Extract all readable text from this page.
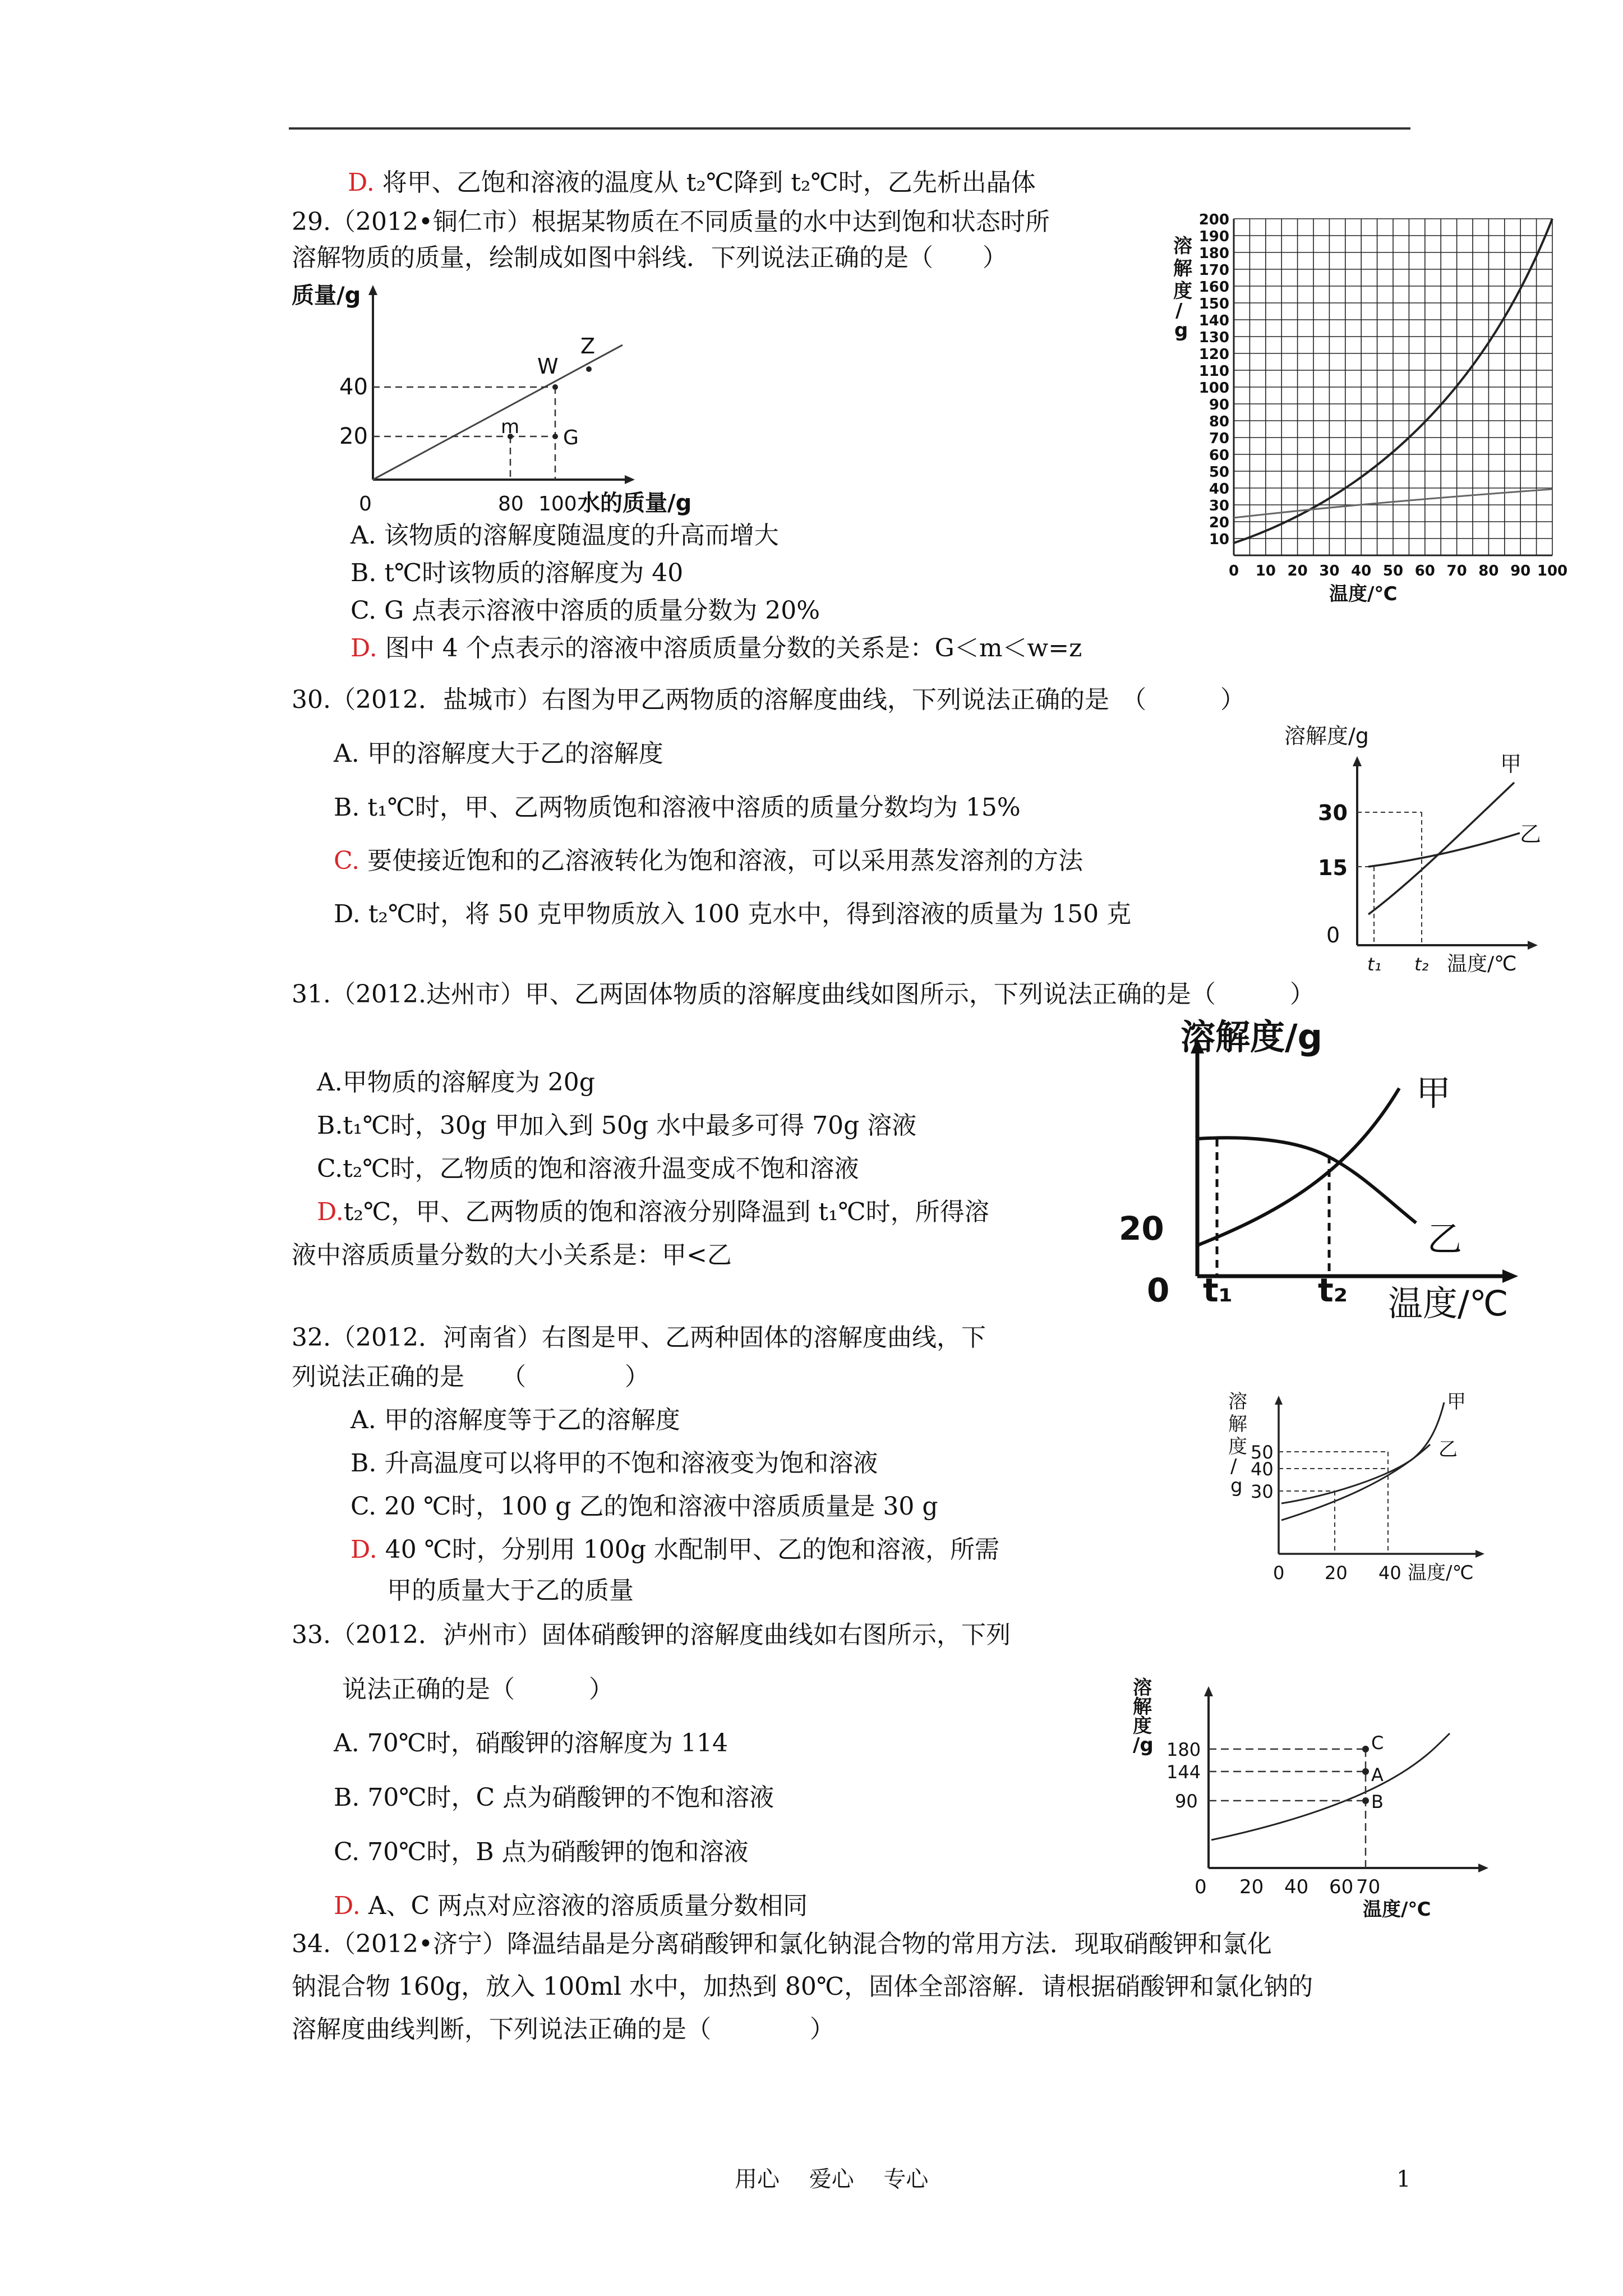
D. 将甲、乙饱和溶液的温度从 t₂℃降到 t₂℃时，乙先析出晶体
29.（2012•铜仁市）根据某物质在不同质量的水中达到饱和状态时所
溶解物质的质量，绘制成如图中斜线．下列说法正确的是（　　）
质量/g
40
20
0	80 100 水的质量/g
W
Z
m G
A. 该物质的溶解度随温度的升高而增大
B. t℃时该物质的溶解度为 40
C. G 点表示溶液中溶质的质量分数为 20%
D. 图中 4 个点表示的溶液中溶质质量分数的关系是：G＜m＜w=z
200
190
180
170
160
150
140
130
120
110
100
90
80
70
60
50
40
30
20
10
0 10 20 30 40 50 60 70 80 90 100
溶
解
度
/
g
温度/℃
30.（2012．盐城市）右图为甲乙两物质的溶解度曲线，下列说法正确的是　（　　　）
A. 甲的溶解度大于乙的溶解度
B. t₁℃时，甲、乙两物质饱和溶液中溶质的质量分数均为 15%
C. 要使接近饱和的乙溶液转化为饱和溶液，可以采用蒸发溶剂的方法
D. t₂℃时，将 50 克甲物质放入 100 克水中，得到溶液的质量为 150 克
溶解度/g
30
15
0
t₁ t₂ 温度/℃
甲
乙
31.（2012.达州市）甲、乙两固体物质的溶解度曲线如图所示，下列说法正确的是（　　　）
A.甲物质的溶解度为 20g
B.t₁℃时，30g 甲加入到 50g 水中最多可得 70g 溶液
C.t₂℃时，乙物质的饱和溶液升温变成不饱和溶液
D.t₂℃，甲、乙两物质的饱和溶液分别降温到 t₁℃时，所得溶
液中溶质质量分数的大小关系是：甲<乙
溶解度/g
20
0 t₁	t₂ 温度/℃
甲
乙
32.（2012．河南省）右图是甲、乙两种固体的溶解度曲线，下
列说法正确的是　　（　　　　）
A. 甲的溶解度等于乙的溶解度
B. 升高温度可以将甲的不饱和溶液变为饱和溶液
C. 20 ℃时，100 g 乙的饱和溶液中溶质质量是 30 g
D. 40 ℃时，分别用 100g 水配制甲、乙的饱和溶液，所需
甲的质量大于乙的质量
溶
解
度
/
g
50
40
30
0 20 40 温度/℃
甲
乙
33.（2012．泸州市）固体硝酸钾的溶解度曲线如右图所示，下列
说法正确的是（　　　）
A. 70℃时，硝酸钾的溶解度为 114
B. 70℃时，C 点为硝酸钾的不饱和溶液
C. 70℃时，B 点为硝酸钾的饱和溶液
D. A、C 两点对应溶液的溶质质量分数相同
溶
解
度
/g 180
144
90
0 20 40 60 70
温度/℃
C
A
B
34.（2012•济宁）降温结晶是分离硝酸钾和氯化钠混合物的常用方法．现取硝酸钾和氯化
钠混合物 160g，放入 100ml 水中，加热到 80℃，固体全部溶解．请根据硝酸钾和氯化钠的
溶解度曲线判断，下列说法正确的是（　　　　）
用心　 爱心　 专心	1
